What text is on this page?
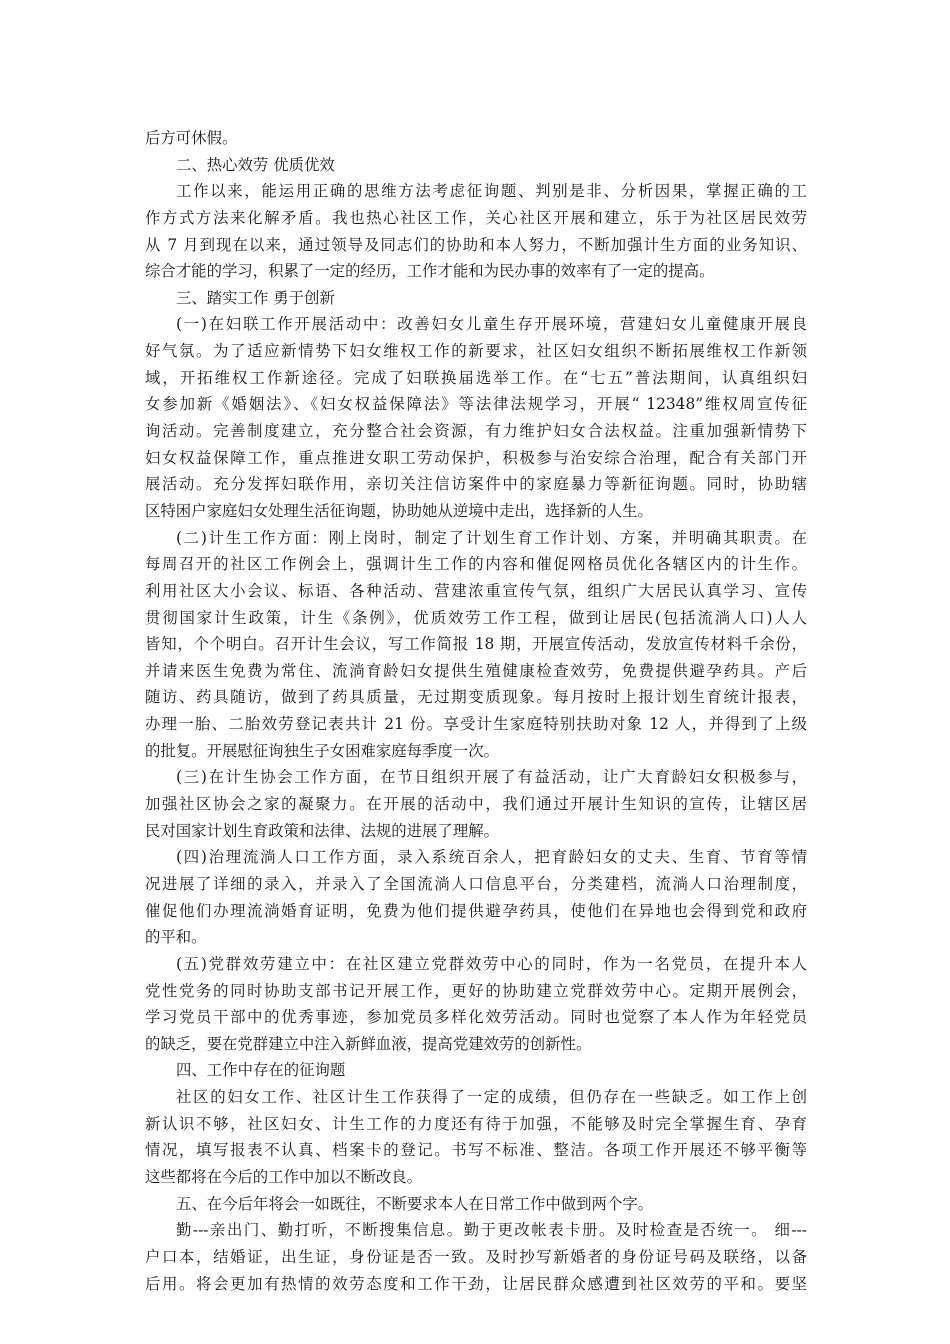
后方可休假。
二、热心效劳 优质优效
工作以来，能运用正确的思维方法考虑征询题、判别是非、分析因果，掌握正确的工
作方式方法来化解矛盾。我也热心社区工作，关心社区开展和建立，乐于为社区居民效劳
从 7 月到现在以来，通过领导及同志们的协助和本人努力，不断加强计生方面的业务知识、
综合才能的学习，积累了一定的经历，工作才能和为民办事的效率有了一定的提高。
三、踏实工作 勇于创新
(一)在妇联工作开展活动中：改善妇女儿童生存开展环境，营建妇女儿童健康开展良
好气氛。为了适应新情势下妇女维权工作的新要求，社区妇女组织不断拓展维权工作新领
域，开拓维权工作新途径。完成了妇联换届选举工作。在“七五”普法期间，认真组织妇
女参加新《婚姻法》、《妇女权益保障法》等法律法规学习，开展“ 12348”维权周宣传征
询活动。完善制度建立，充分整合社会资源，有力维护妇女合法权益。注重加强新情势下
妇女权益保障工作，重点推进女职工劳动保护，积极参与治安综合治理，配合有关部门开
展活动。充分发挥妇联作用，亲切关注信访案件中的家庭暴力等新征询题。同时，协助辖
区特困户家庭妇女处理生活征询题，协助她从逆境中走出，选择新的人生。
(二)计生工作方面：刚上岗时，制定了计划生育工作计划、方案，并明确其职责。在
每周召开的社区工作例会上，强调计生工作的内容和催促网格员优化各辖区内的计生作。
利用社区大小会议、标语、各种活动、营建浓重宣传气氛，组织广大居民认真学习、宣传
贯彻国家计生政策，计生《条例》，优质效劳工作工程，做到让居民(包括流淌人口)人人
皆知，个个明白。召开计生会议，写工作简报 18 期，开展宣传活动，发放宣传材料千余份，
并请来医生免费为常住、流淌育龄妇女提供生殖健康检查效劳，免费提供避孕药具。产后
随访、药具随访，做到了药具质量，无过期变质现象。每月按时上报计划生育统计报表，
办理一胎、二胎效劳登记表共计 21 份。享受计生家庭特别扶助对象 12 人，并得到了上级
的批复。开展慰征询独生子女困难家庭每季度一次。
(三)在计生协会工作方面，在节日组织开展了有益活动，让广大育龄妇女积极参与，
加强社区协会之家的凝聚力。在开展的活动中，我们通过开展计生知识的宣传，让辖区居
民对国家计划生育政策和法律、法规的进展了理解。
(四)治理流淌人口工作方面，录入系统百余人，把育龄妇女的丈夫、生育、节育等情
况进展了详细的录入，并录入了全国流淌人口信息平台，分类建档，流淌人口治理制度，
催促他们办理流淌婚育证明，免费为他们提供避孕药具，使他们在异地也会得到党和政府
的平和。
(五)党群效劳建立中：在社区建立党群效劳中心的同时，作为一名党员，在提升本人
党性党务的同时协助支部书记开展工作，更好的协助建立党群效劳中心。定期开展例会，
学习党员干部中的优秀事迹，参加党员多样化效劳活动。同时也觉察了本人作为年轻党员
的缺乏，要在党群建立中注入新鲜血液，提高党建效劳的创新性。
四、工作中存在的征询题
社区的妇女工作、社区计生工作获得了一定的成绩，但仍存在一些缺乏。如工作上创
新认识不够，社区妇女、计生工作的力度还有待于加强，不能够及时完全掌握生育、孕育
情况，填写报表不认真、档案卡的登记。书写不标准、整洁。各项工作开展还不够平衡等
这些都将在今后的工作中加以不断改良。
五、在今后年将会一如既往，不断要求本人在日常工作中做到两个字。
勤---亲出门、勤打听，不断搜集信息。勤于更改帐表卡册。及时检查是否统一。 细---
户口本，结婚证，出生证，身份证是否一致。及时抄写新婚者的身份证号码及联络，以备
后用。将会更加有热情的效劳态度和工作干劲，让居民群众感遭到社区效劳的平和。要坚
